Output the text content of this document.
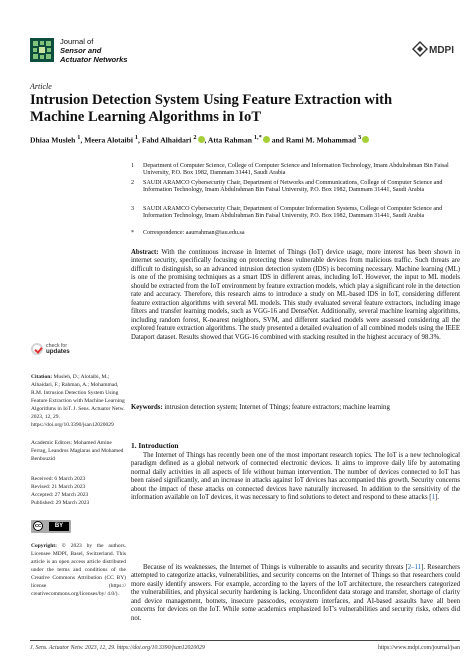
Journal of
Sensor and
Actuator Networks
MDPI
Article
Intrusion Detection System Using Feature Extraction with Machine Learning Algorithms in IoT
Dhiaa Musleh $^1$, Meera Alotaibi $^1$, Fahd Alhaidari $^2$ , Atta Rahman $^{1,*}$ and Rami M. Mohammad $^3$
1 Department of Computer Science, College of Computer Science and Information Technology, Imam Abdulrahman Bin Faisal University, P.O. Box 1982, Dammam 31441, Saudi Arabia
2 SAUDI ARAMCO Cybersecurity Chair, Department of Networks and Communications, College of Computer Science and Information Technology, Imam Abdulrahman Bin Faisal University, P.O. Box 1982, Dammam 31441, Saudi Arabia
3 SAUDI ARAMCO Cybersecurity Chair, Department of Computer Information Systems, College of Computer Science and Information Technology, Imam Abdulrahman Bin Faisal University, P.O. Box 1982, Dammam 31441, Saudi Arabia
* Correspondence: aaurrahman@iau.edu.sa
Abstract: With the continuous increase in Internet of Things (IoT) device usage, more interest has been shown in internet security, specifically focusing on protecting these vulnerable devices from malicious traffic. Such threats are difficult to distinguish, so an advanced intrusion detection system (IDS) is becoming necessary. Machine learning (ML) is one of the promising techniques as a smart IDS in different areas, including IoT. However, the input to ML models should be extracted from the IoT environment by feature extraction models, which play a significant role in the detection rate and accuracy. Therefore, this research aims to introduce a study on ML-based IDS in IoT, considering different feature extraction algorithms with several ML models. This study evaluated several feature extractors, including image filters and transfer learning models, such as VGG-16 and DenseNet. Additionally, several machine learning algorithms, including random forest, K-nearest neighbors, SVM, and different stacked models were assessed considering all the explored feature extraction algorithms. The study presented a detailed evaluation of all combined models using the IEEE Dataport dataset. Results showed that VGG-16 combined with stacking resulted in the highest accuracy of 98.3%.
Keywords: intrusion detection system; Internet of Things; feature extractors; machine learning
1. Introduction
The Internet of Things has recently been one of the most important research topics. The IoT is a new technological paradigm defined as a global network of connected electronic devices. It aims to improve daily life by automating normal daily activities in all aspects of life without human intervention. The number of devices connected to IoT has been raised significantly, and an increase in attacks against IoT devices has accompanied this growth. Security concerns about the impact of these attacks on connected devices have naturally increased. In addition to the sensitivity of the information available on IoT devices, it was necessary to find solutions to detect and respond to these attacks [1].
Because of its weaknesses, the Internet of Things is vulnerable to assaults and security threats [2–11]. Researchers attempted to categorize attacks, vulnerabilities, and security concerns on the Internet of Things so that researchers could more easily identify answers. For example, according to the layers of the IoT architecture, the researchers categorized the vulnerabilities, and physical security hardening is lacking. Unconfident data storage and transfer, shortage of clarity and device management, botnets, insecure passcodes, ecosystem interfaces, and AI-based assaults have all been concerns for devices on the IoT. While some academics emphasized IoT's vulnerabilities and security risks, others did not.
check for
updates
Citation: Musleh, D.; Alotaibi, M.; Alhaidari, F.; Rahman, A.; Mohammad, R.M. Intrusion Detection System Using Feature Extraction with Machine Learning Algorithms in IoT. J. Sens. Actuator Netw. 2023, 12, 29. https://doi.org/10.3390/jsan12020029
Academic Editors: Mohamed Amine Ferrag, Leandros Maglaras and Mohamed Benbouzid
Received: 6 March 2023
Revised: 21 March 2023
Accepted: 27 March 2023
Published: 29 March 2023
cc	BY
Copyright: © 2023 by the authors. Licensee MDPI, Basel, Switzerland. This article is an open access article distributed under the terms and conditions of the Creative Commons Attribution (CC BY) license (https:// creativecommons.org/licenses/by/ 4.0/).
J. Sens. Actuator Netw. 2023, 12, 29. https://doi.org/10.3390/jsan12020029	https://www.mdpi.com/journal/jsan
